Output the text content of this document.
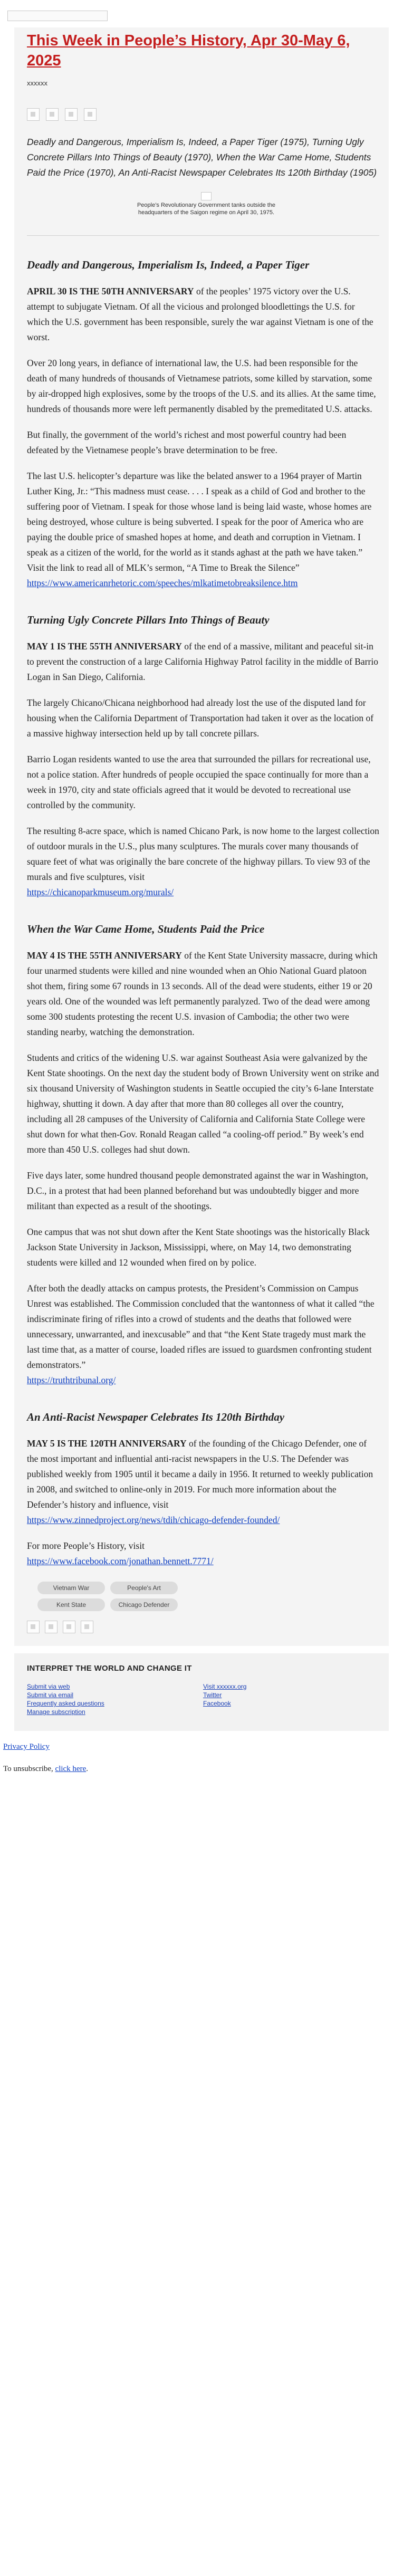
This Week in People’s History, Apr 30-May 6, 2025
xxxxxx
Deadly and Dangerous, Imperialism Is, Indeed, a Paper Tiger (1975), Turning Ugly Concrete Pillars Into Things of Beauty (1970), When the War Came Home, Students Paid the Price (1970), An Anti-Racist Newspaper Celebrates Its 120th Birthday (1905)
People’s Revolutionary Government tanks outside the headquarters of the Saigon regime on April 30, 1975.
Deadly and Dangerous, Imperialism Is, Indeed, a Paper Tiger

APRIL 30 IS THE 50TH ANNIVERSARY of the peoples’ 1975 victory over the U.S. attempt to subjugate Vietnam. Of all the vicious and prolonged bloodlettings the U.S. for which the U.S. government has been responsible, surely the war against Vietnam is one of the worst.

Over 20 long years, in defiance of international law, the U.S. had been responsible for the death of many hundreds of thousands of Vietnamese patriots, some killed by starvation, some by air-dropped high explosives, some by the troops of the U.S. and its allies. At the same time, hundreds of thousands more were left permanently disabled by the premeditated U.S. attacks.

But finally, the government of the world’s richest and most powerful country had been defeated by the Vietnamese people’s brave determination to be free.

The last U.S. helicopter’s departure was like the belated answer to a 1964 prayer of Martin Luther King, Jr.: “This madness must cease. . . . I speak as a child of God and brother to the suffering poor of Vietnam. I speak for those whose land is being laid waste, whose homes are being destroyed, whose culture is being subverted. I speak for the poor of America who are paying the double price of smashed hopes at home, and death and corruption in Vietnam. I speak as a citizen of the world, for the world as it stands aghast at the path we have taken.” Visit the link to read all of MLK’s sermon, “A Time to Break the Silence”
https://www.americanrhetoric.com/speeches/mlkatimetobreaksilence.htm

Turning Ugly Concrete Pillars Into Things of Beauty

MAY 1 IS THE 55TH ANNIVERSARY of the end of a massive, militant and peaceful sit-in to prevent the construction of a large California Highway Patrol facility in the middle of Barrio Logan in San Diego, California.

The largely Chicano/Chicana neighborhood had already lost the use of the disputed land for housing when the California Department of Transportation had taken it over as the location of a massive highway intersection held up by tall concrete pillars.

Barrio Logan residents wanted to use the area that surrounded the pillars for recreational use, not a police station. After hundreds of people occupied the space continually for more than a week in 1970, city and state officials agreed that it would be devoted to recreational use controlled by the community.

The resulting 8-acre space, which is named Chicano Park, is now home to the largest collection of outdoor murals in the U.S., plus many sculptures. The murals cover many thousands of square feet of what was originally the bare concrete of the highway pillars. To view 93 of the murals and five sculptures, visit
https://chicanoparkmuseum.org/murals/

When the War Came Home, Students Paid the Price

MAY 4 IS THE 55TH ANNIVERSARY of the Kent State University massacre, during which four unarmed students were killed and nine wounded when an Ohio National Guard platoon shot them, firing some 67 rounds in 13 seconds. All of the dead were students, either 19 or 20 years old. One of the wounded was left permanently paralyzed. Two of the dead were among some 300 students protesting the recent U.S. invasion of Cambodia; the other two were standing nearby, watching the demonstration.

Students and critics of the widening U.S. war against Southeast Asia were galvanized by the Kent State shootings. On the next day the student body of Brown University went on strike and six thousand University of Washington students in Seattle occupied the city’s 6-lane Interstate highway, shutting it down. A day after that more than 80 colleges all over the country, including all 28 campuses of the University of California and California State College were shut down for what then-Gov. Ronald Reagan called “a cooling-off period.” By week’s end more than 450 U.S. colleges had shut down.

Five days later, some hundred thousand people demonstrated against the war in Washington, D.C., in a protest that had been planned beforehand but was undoubtedly bigger and more militant than expected as a result of the shootings.

One campus that was not shut down after the Kent State shootings was the historically Black Jackson State University in Jackson, Mississippi, where, on May 14, two demonstrating students were killed and 12 wounded when fired on by police.

After both the deadly attacks on campus protests, the President’s Commission on Campus Unrest was established. The Commission concluded that the wantonness of what it called “the indiscriminate firing of rifles into a crowd of students and the deaths that followed were unnecessary, unwarranted, and inexcusable” and that “the Kent State tragedy must mark the last time that, as a matter of course, loaded rifles are issued to guardsmen confronting student demonstrators.”
https://truthtribunal.org/

An Anti-Racist Newspaper Celebrates Its 120th Birthday

MAY 5 IS THE 120TH ANNIVERSARY of the founding of the Chicago Defender, one of the most important and influential anti-racist newspapers in the U.S. The Defender was published weekly from 1905 until it became a daily in 1956. It returned to weekly publication in 2008, and switched to online-only in 2019. For much more information about the Defender’s history and influence, visit
https://www.zinnedproject.org/news/tdih/chicago-defender-founded/

For more People’s History, visit
https://www.facebook.com/jonathan.bennett.7771/

Vietnam War	People's Art
Kent State	Chicago Defender
INTERPRET THE WORLD AND CHANGE IT
Submit via web
Submit via email
Frequently asked questions
Manage subscription
Visit xxxxxx.org
Twitter
Facebook

Privacy Policy

To unsubscribe, click here.
